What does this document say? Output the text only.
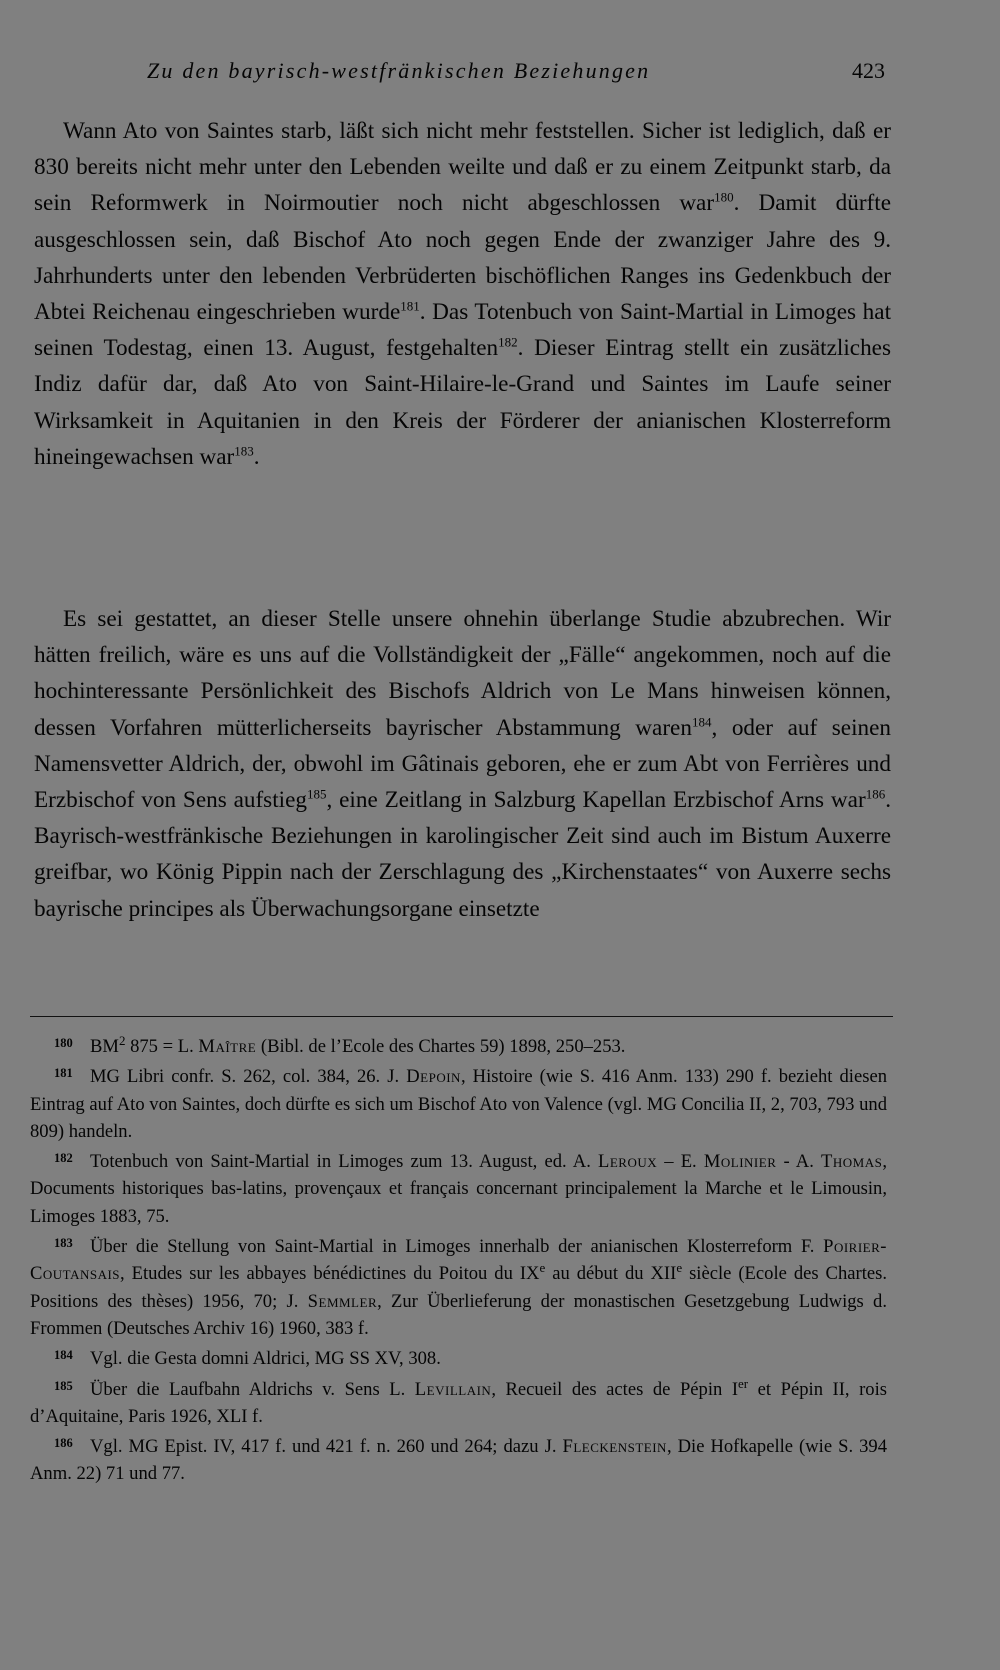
Zu den bayrisch-westfränkischen Beziehungen	423

Wann Ato von Saintes starb, läßt sich nicht mehr feststellen. Sicher ist lediglich, daß er 830 bereits nicht mehr unter den Lebenden weilte und daß er zu einem Zeitpunkt starb, da sein Reformwerk in Noirmoutier noch nicht abgeschlossen war$^{180}$. Damit dürfte ausgeschlossen sein, daß Bischof Ato noch gegen Ende der zwanziger Jahre des 9. Jahrhunderts unter den lebenden Verbrüderten bischöflichen Ranges ins Gedenkbuch der Abtei Reichenau eingeschrieben wurde$^{181}$. Das Totenbuch von Saint-Martial in Limoges hat seinen Todestag, einen 13. August, festgehalten$^{182}$. Dieser Eintrag stellt ein zusätzliches Indiz dafür dar, daß Ato von Saint-Hilaire-le-Grand und Saintes im Laufe seiner Wirksamkeit in Aquitanien in den Kreis der Förderer der anianischen Klosterreform hineingewachsen war$^{183}$.

Es sei gestattet, an dieser Stelle unsere ohnehin überlange Studie abzubrechen. Wir hätten freilich, wäre es uns auf die Vollständigkeit der „Fälle“ angekommen, noch auf die hochinteressante Persönlichkeit des Bischofs Aldrich von Le Mans hinweisen können, dessen Vorfahren mütterlicherseits bayrischer Abstammung waren$^{184}$, oder auf seinen Namensvetter Aldrich, der, obwohl im Gâtinais geboren, ehe er zum Abt von Ferrières und Erzbischof von Sens aufstieg$^{185}$, eine Zeitlang in Salzburg Kapellan Erzbischof Arns war$^{186}$. Bayrisch-westfränkische Beziehungen in karolingischer Zeit sind auch im Bistum Auxerre greifbar, wo König Pippin nach der Zerschlagung des „Kirchenstaates“ von Auxerre sechs bayrische principes als Überwachungsorgane einsetzte

180 $BM^2$ 875 = L. Maître (Bibl. de l’Ecole des Chartes 59) 1898, 250–253.

181 MG Libri confr. S. 262, col. 384, 26. J. Depoin, Histoire (wie S. 416 Anm. 133) 290 f. bezieht diesen Eintrag auf Ato von Saintes, doch dürfte es sich um Bischof Ato von Valence (vgl. MG Concilia II, 2, 703, 793 und 809) handeln.

182 Totenbuch von Saint-Martial in Limoges zum 13. August, ed. A. Leroux – E. Molinier - A. Thomas, Documents historiques bas-latins, provençaux et français concernant principalement la Marche et le Limousin, Limoges 1883, 75.

183 Über die Stellung von Saint-Martial in Limoges innerhalb der anianischen Klosterreform F. Poirier-Coutansais, Etudes sur les abbayes bénédictines du Poitou du IXe au début du XIIe siècle (Ecole des Chartes. Positions des thèses) 1956, 70; J. Semmler, Zur Überlieferung der monastischen Gesetzgebung Ludwigs d. Frommen (Deutsches Archiv 16) 1960, 383 f.

184 Vgl. die Gesta domni Aldrici, MG SS XV, 308.

185 Über die Laufbahn Aldrichs v. Sens L. Levillain, Recueil des actes de Pépin Ier et Pépin II, rois d’Aquitaine, Paris 1926, XLI f.

186 Vgl. MG Epist. IV, 417 f. und 421 f. n. 260 und 264; dazu J. Fleckenstein, Die Hofkapelle (wie S. 394 Anm. 22) 71 und 77.
